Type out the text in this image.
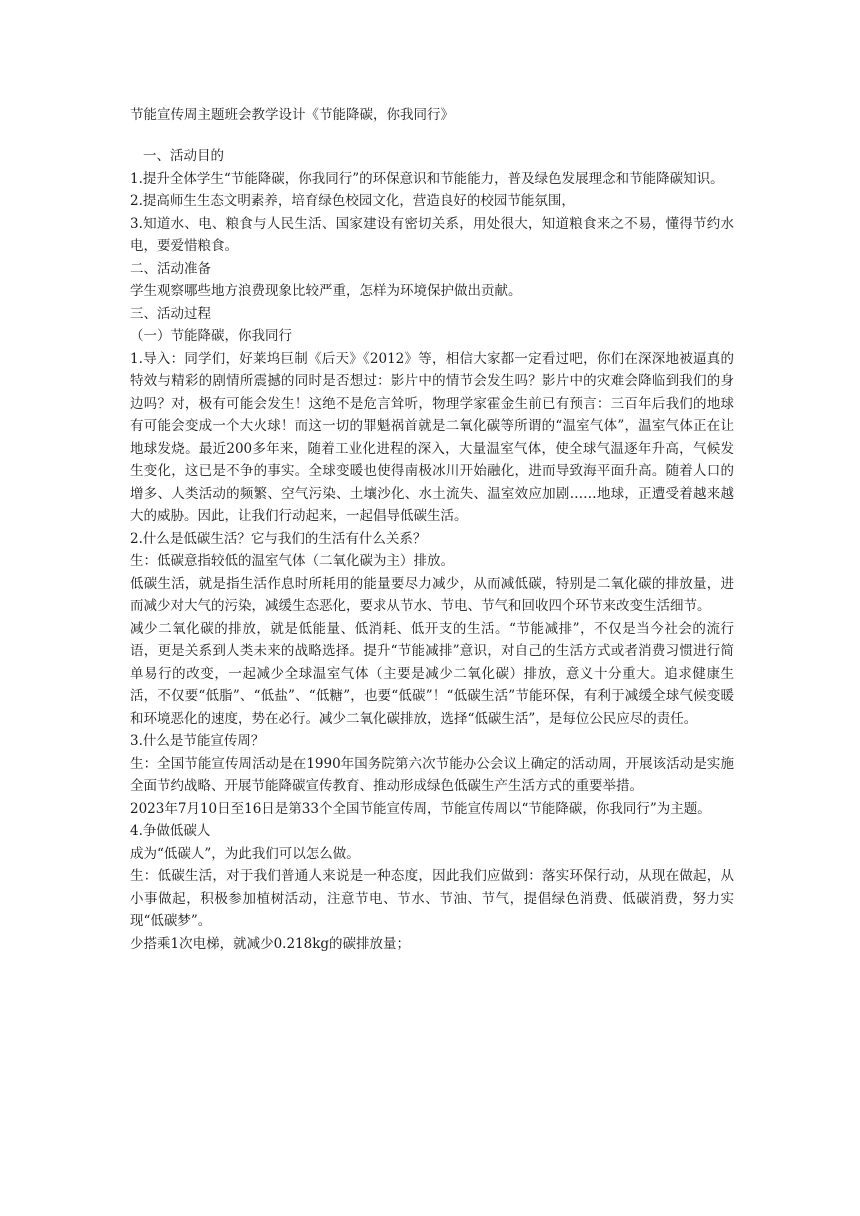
节能宣传周主题班会教学设计《节能降碳，你我同行》

一、活动目的

1.提升全体学生“节能降碳，你我同行”的环保意识和节能能力，普及绿色发展理念和节能降碳知识。

2.提高师生生态文明素养，培育绿色校园文化，营造良好的校园节能氛围，

3.知道水、电、粮食与人民生活、国家建设有密切关系，用处很大，知道粮食来之不易，懂得节约水电，要爱惜粮食。

二、活动准备

学生观察哪些地方浪费现象比较严重，怎样为环境保护做出贡献。

三、活动过程

（一）节能降碳，你我同行

1.导入：同学们，好莱坞巨制《后天》《2012》等，相信大家都一定看过吧，你们在深深地被逼真的特效与精彩的剧情所震撼的同时是否想过：影片中的情节会发生吗？影片中的灾难会降临到我们的身边吗？对，极有可能会发生！这绝不是危言耸听，物理学家霍金生前已有预言：三百年后我们的地球有可能会变成一个大火球！而这一切的罪魁祸首就是二氧化碳等所谓的“温室气体”，温室气体正在让地球发烧。最近200多年来，随着工业化进程的深入，大量温室气体，使全球气温逐年升高，气候发生变化，这已是不争的事实。全球变暖也使得南极冰川开始融化，进而导致海平面升高。随着人口的增多、人类活动的频繁、空气污染、土壤沙化、水土流失、温室效应加剧……地球，正遭受着越来越大的威胁。因此，让我们行动起来，一起倡导低碳生活。

2.什么是低碳生活？它与我们的生活有什么关系？

生：低碳意指较低的温室气体（二氧化碳为主）排放。

低碳生活，就是指生活作息时所耗用的能量要尽力减少，从而减低碳，特别是二氧化碳的排放量，进而减少对大气的污染，减缓生态恶化，要求从节水、节电、节气和回收四个环节来改变生活细节。

减少二氧化碳的排放，就是低能量、低消耗、低开支的生活。“节能减排”，不仅是当今社会的流行语，更是关系到人类未来的战略选择。提升“节能减排”意识，对自己的生活方式或者消费习惯进行简单易行的改变，一起减少全球温室气体（主要是减少二氧化碳）排放，意义十分重大。追求健康生活，不仅要“低脂”、“低盐”、“低糖”，也要“低碳”！“低碳生活”节能环保，有利于减缓全球气候变暖和环境恶化的速度，势在必行。减少二氧化碳排放，选择“低碳生活”，是每位公民应尽的责任。

3.什么是节能宣传周？

生：全国节能宣传周活动是在1990年国务院第六次节能办公会议上确定的活动周，开展该活动是实施全面节约战略、开展节能降碳宣传教育、推动形成绿色低碳生产生活方式的重要举措。

2023年7月10日至16日是第33个全国节能宣传周，节能宣传周以“节能降碳，你我同行”为主题。

4.争做低碳人

成为“低碳人”，为此我们可以怎么做。

生：低碳生活，对于我们普通人来说是一种态度，因此我们应做到：落实环保行动，从现在做起，从小事做起，积极参加植树活动，注意节电、节水、节油、节气，提倡绿色消费、低碳消费，努力实现“低碳梦”。

少搭乘1次电梯，就减少0.218kg的碳排放量；
